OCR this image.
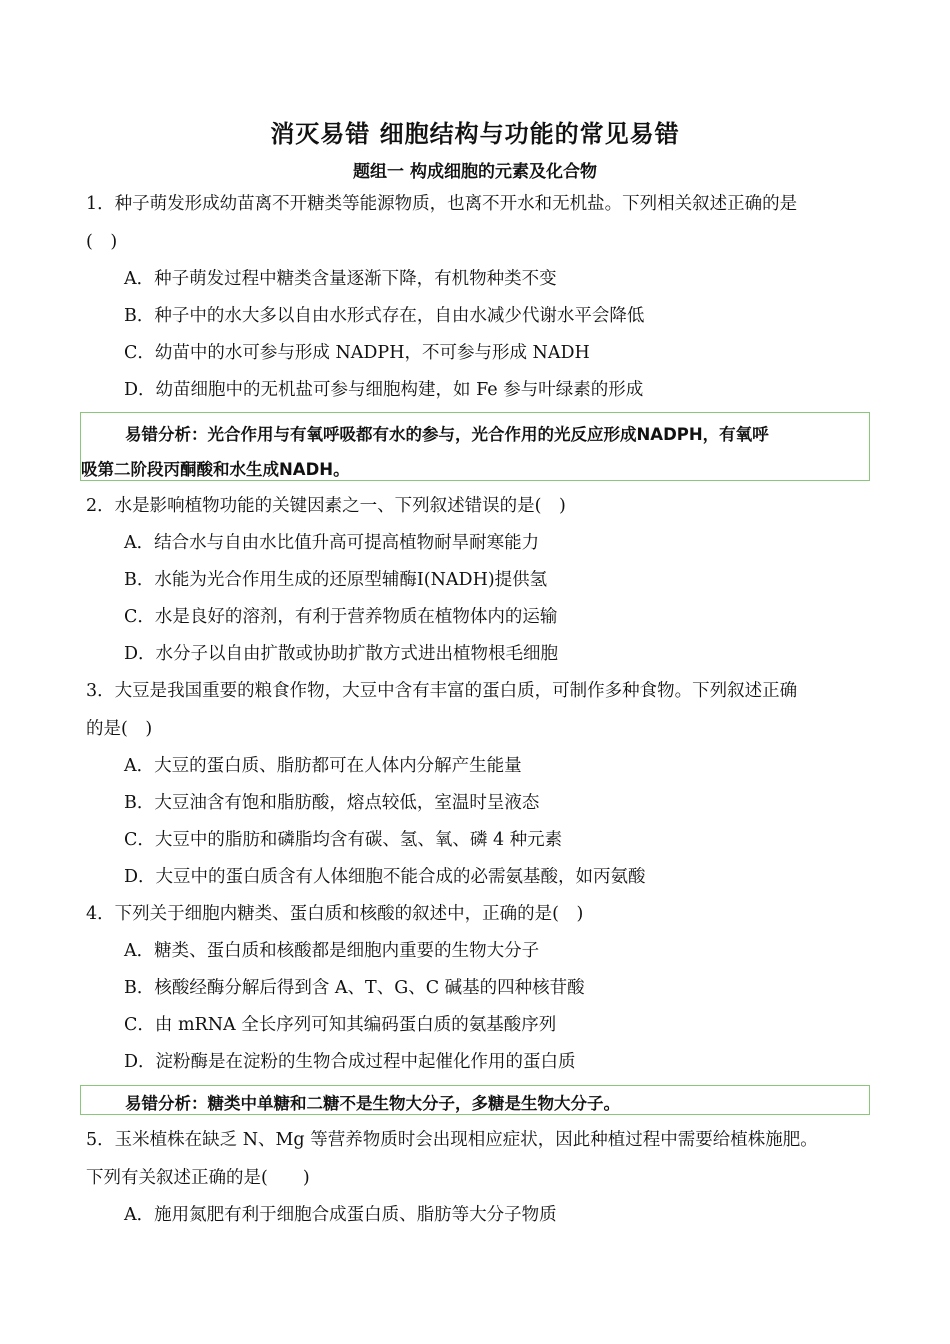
消灭易错 细胞结构与功能的常见易错
题组一 构成细胞的元素及化合物
1．种子萌发形成幼苗离不开糖类等能源物质，也离不开水和无机盐。下列相关叙述正确的是
(　)
A．种子萌发过程中糖类含量逐渐下降，有机物种类不变
B．种子中的水大多以自由水形式存在，自由水减少代谢水平会降低
C．幼苗中的水可参与形成 NADPH，不可参与形成 NADH
D．幼苗细胞中的无机盐可参与细胞构建，如 Fe 参与叶绿素的形成
易错分析：光合作用与有氧呼吸都有水的参与，光合作用的光反应形成NADPH，有氧呼
吸第二阶段丙酮酸和水生成NADH。
2．水是影响植物功能的关键因素之一、下列叙述错误的是(　)
A．结合水与自由水比值升高可提高植物耐旱耐寒能力
B．水能为光合作用生成的还原型辅酶Ⅰ(NADH)提供氢
C．水是良好的溶剂，有利于营养物质在植物体内的运输
D．水分子以自由扩散或协助扩散方式进出植物根毛细胞
3．大豆是我国重要的粮食作物，大豆中含有丰富的蛋白质，可制作多种食物。下列叙述正确
的是(　)
A．大豆的蛋白质、脂肪都可在人体内分解产生能量
B．大豆油含有饱和脂肪酸，熔点较低，室温时呈液态
C．大豆中的脂肪和磷脂均含有碳、氢、氧、磷 4 种元素
D．大豆中的蛋白质含有人体细胞不能合成的必需氨基酸，如丙氨酸
4．下列关于细胞内糖类、蛋白质和核酸的叙述中，正确的是(　)
A．糖类、蛋白质和核酸都是细胞内重要的生物大分子
B．核酸经酶分解后得到含 A、T、G、C 碱基的四种核苷酸
C．由 mRNA 全长序列可知其编码蛋白质的氨基酸序列
D．淀粉酶是在淀粉的生物合成过程中起催化作用的蛋白质
易错分析：糖类中单糖和二糖不是生物大分子，多糖是生物大分子。
5．玉米植株在缺乏 N、Mg 等营养物质时会出现相应症状，因此种植过程中需要给植株施肥。
下列有关叙述正确的是(　　)
A．施用氮肥有利于细胞合成蛋白质、脂肪等大分子物质
